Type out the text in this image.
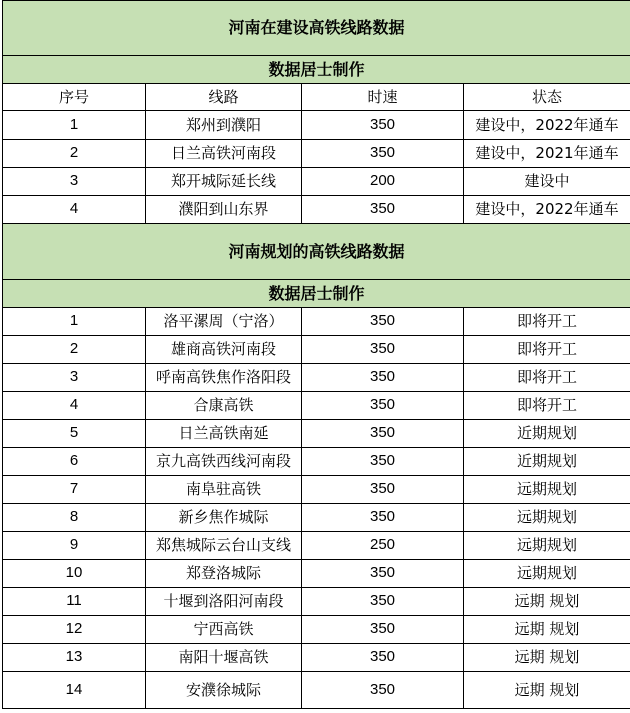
河南在建设高铁线路数据			
数据居士制作			
序号	线路	时速	状态
1	郑州到濮阳	350	建设中，2022年通车
2	日兰高铁河南段	350	建设中，2021年通车
3	郑开城际延长线	200	建设中
4	濮阳到山东界	350	建设中，2022年通车
河南规划的高铁线路数据			
数据居士制作			
1	洛平漯周（宁洛）	350	即将开工
2	雄商高铁河南段	350	即将开工
3	呼南高铁焦作洛阳段	350	即将开工
4	合康高铁	350	即将开工
5	日兰高铁南延	350	近期规划
6	京九高铁西线河南段	350	近期规划
7	南阜驻高铁	350	远期规划
8	新乡焦作城际	350	远期规划
9	郑焦城际云台山支线	250	远期规划
10	郑登洛城际	350	远期规划
11	十堰到洛阳河南段	350	远期 规划
12	宁西高铁	350	远期 规划
13	南阳十堰高铁	350	远期 规划
14	安濮徐城际	350	远期 规划
